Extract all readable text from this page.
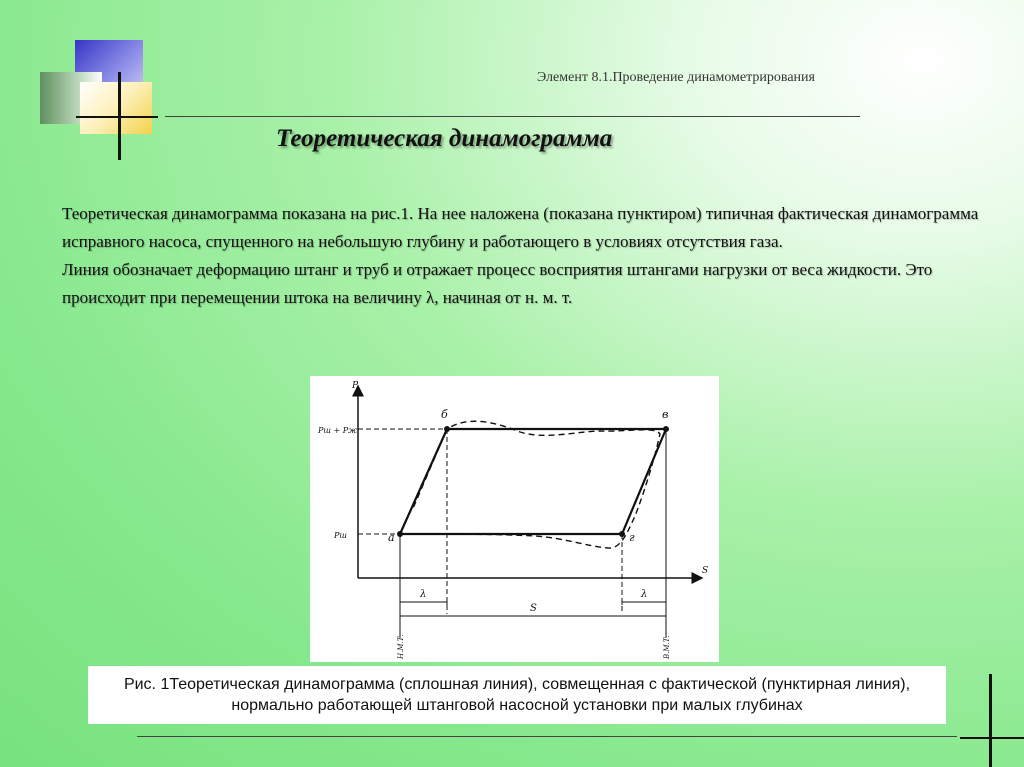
Элемент 8.1.Проведение динамометрирования
Теоретическая динамограмма

Теоретическая динамограмма показана на рис.1. На нее наложена (показана пунктиром) типичная фактическая динамограмма исправного насоса, спущенного на небольшую глубину и работающего в условиях отсутствия газа.

Линия обозначает деформацию штанг и труб и отражает процесс восприятия штангами нагрузки от веса жидкости. Это происходит при перемещении штока на величину λ, начиная от н. м. т.

P
S
Pш + Pж
Pш	а
б	в
г
λ	λ
S
Н.М.Т.	В.М.Т.

Рис. 1Теоретическая динамограмма (сплошная линия), совмещенная с фактической (пунктирная линия), нормально работающей штанговой насосной установки при малых глубинах
